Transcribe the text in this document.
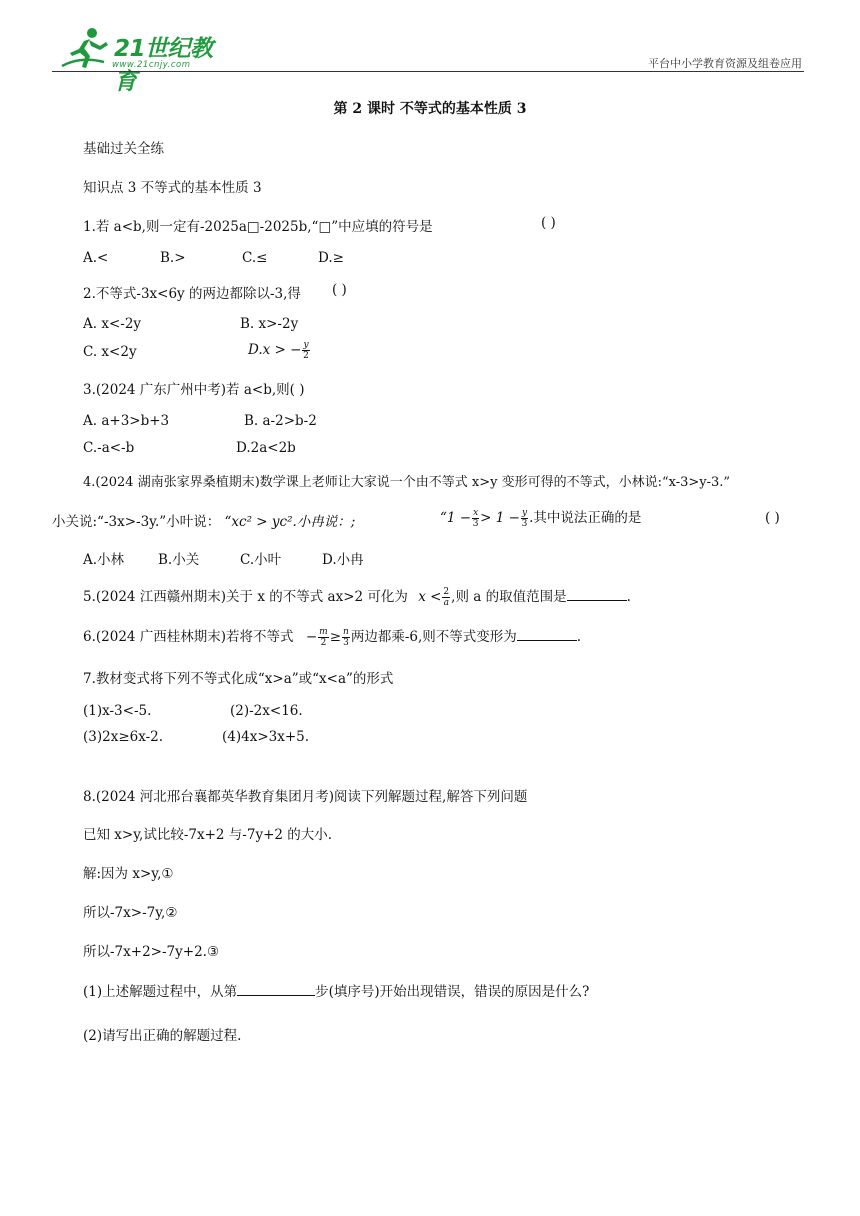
21世纪教育
www.21cnjy.com	平台中小学教育资源及组卷应用
第 2 课时 不等式的基本性质 3
基础过关全练
知识点 3 不等式的基本性质 3
1.若 a<b,则一定有-2025a□-2025b,“□”中应填的符号是	( )
A.<	B.>	C.≤	D.≥
2.不等式-3x<6y 的两边都除以-3,得 ( )
A. x<-2y	B. x>-2y
C. x<2y	D.x > − $\frac{y}{2}$
3.(2024 广东广州中考)若 a<b,则( )
A. a+3>b+3	B. a-2>b-2
C.-a<-b	D.2a<2b
4.(2024 湖南张家界桑植期末)数学课上老师让大家说一个由不等式 x>y 变形可得的不等式，小林说:“x-3>y-3.”
小关说:“-3x>-3y.”小叶说： “xc² > yc².小冉说：;	“$1 - \frac{x}{3} > 1 - \frac{y}{3}$ .其中说法正确的是	( )
A.小林	B.小关	C.小叶	D.小冉
5.(2024 江西赣州期末)关于 x 的不等式 ax>2 可化为 $x < \frac{2}{a}$ ,则 a 的取值范围是	.
6.(2024 广西桂林期末)若将不等式 − $\frac{m}{2} \ge \frac{n}{3}$ 两边都乘-6,则不等式变形为	.
7.教材变式将下列不等式化成“x>a”或“x<a”的形式
(1)x-3<-5.	(2)-2x<16.
(3)2x≥6x-2.	(4)4x>3x+5.
8.(2024 河北邢台襄都英华教育集团月考)阅读下列解题过程,解答下列问题
已知 x>y,试比较-7x+2 与-7y+2 的大小.
解:因为 x>y,①
所以-7x>-7y,②
所以-7x+2>-7y+2.③
(1)上述解题过程中，从第	步(填序号)开始出现错误，错误的原因是什么?
(2)请写出正确的解题过程.
